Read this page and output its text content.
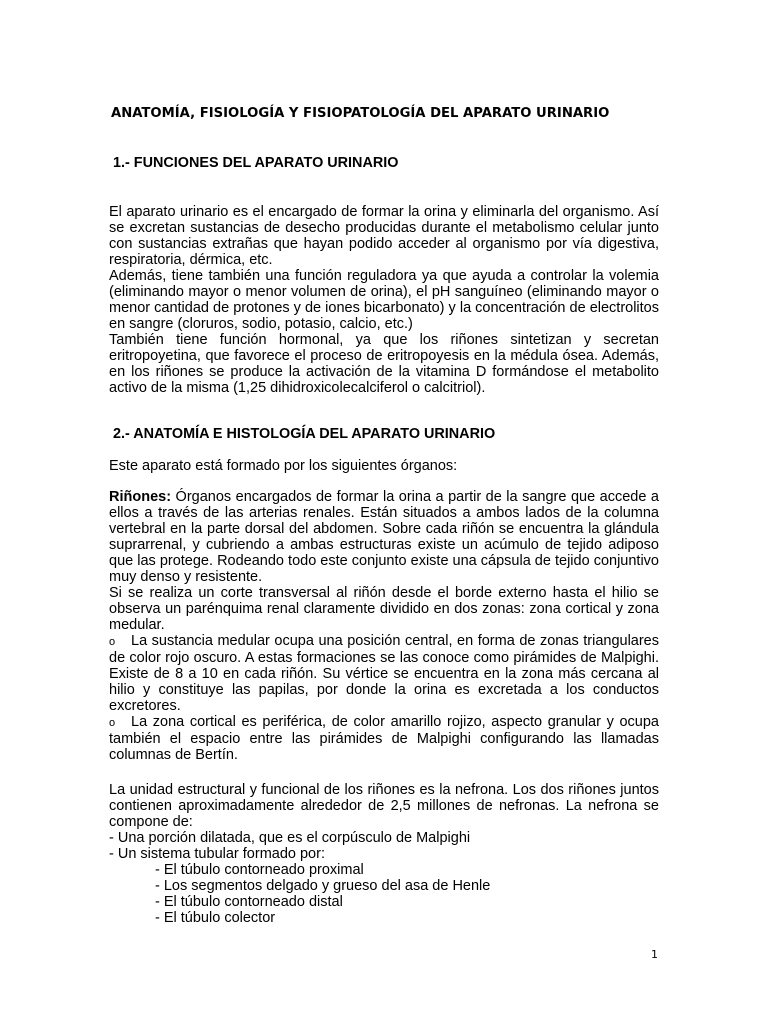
ANATOMÍA, FISIOLOGÍA Y FISIOPATOLOGÍA DEL APARATO URINARIO
1.- FUNCIONES DEL APARATO URINARIO

El aparato urinario es el encargado de formar la orina y eliminarla del organismo. Así se excretan sustancias de desecho producidas durante el metabolismo celular junto con sustancias extrañas que hayan podido acceder al organismo por vía digestiva, respiratoria, dérmica, etc.

Además, tiene también una función reguladora ya que ayuda a controlar la volemia (eliminando mayor o menor volumen de orina), el pH sanguíneo (eliminando mayor o menor cantidad de protones y de iones bicarbonato) y la concentración de electrolitos en sangre (cloruros, sodio, potasio, calcio, etc.)

También tiene función hormonal, ya que los riñones sintetizan y secretan eritropoyetina, que favorece el proceso de eritropoyesis en la médula ósea. Además, en los riñones se produce la activación de la vitamina D formándose el metabolito activo de la misma (1,25 dihidroxicolecalciferol o calcitriol).

2.- ANATOMÍA E HISTOLOGÍA DEL APARATO URINARIO
Este aparato está formado por los siguientes órganos:

Riñones: Órganos encargados de formar la orina a partir de la sangre que accede a ellos a través de las arterias renales. Están situados a ambos lados de la columna vertebral en la parte dorsal del abdomen. Sobre cada riñón se encuentra la glándula suprarrenal, y cubriendo a ambas estructuras existe un acúmulo de tejido adiposo que las protege. Rodeando todo este conjunto existe una cápsula de tejido conjuntivo muy denso y resistente.

Si se realiza un corte transversal al riñón desde el borde externo hasta el hilio se observa un parénquima renal claramente dividido en dos zonas: zona cortical y zona medular.

o La sustancia medular ocupa una posición central, en forma de zonas triangulares de color rojo oscuro. A estas formaciones se las conoce como pirámides de Malpighi. Existe de 8 a 10 en cada riñón. Su vértice se encuentra en la zona más cercana al hilio y constituye las papilas, por donde la orina es excretada a los conductos excretores.

o La zona cortical es periférica, de color amarillo rojizo, aspecto granular y ocupa también el espacio entre las pirámides de Malpighi configurando las llamadas columnas de Bertín.

La unidad estructural y funcional de los riñones es la nefrona. Los dos riñones juntos contienen aproximadamente alrededor de 2,5 millones de nefronas. La nefrona se compone de:

- Una porción dilatada, que es el corpúsculo de Malpighi

- Un sistema tubular formado por:

- El túbulo contorneado proximal

- Los segmentos delgado y grueso del asa de Henle

- El túbulo contorneado distal

- El túbulo colector

1
